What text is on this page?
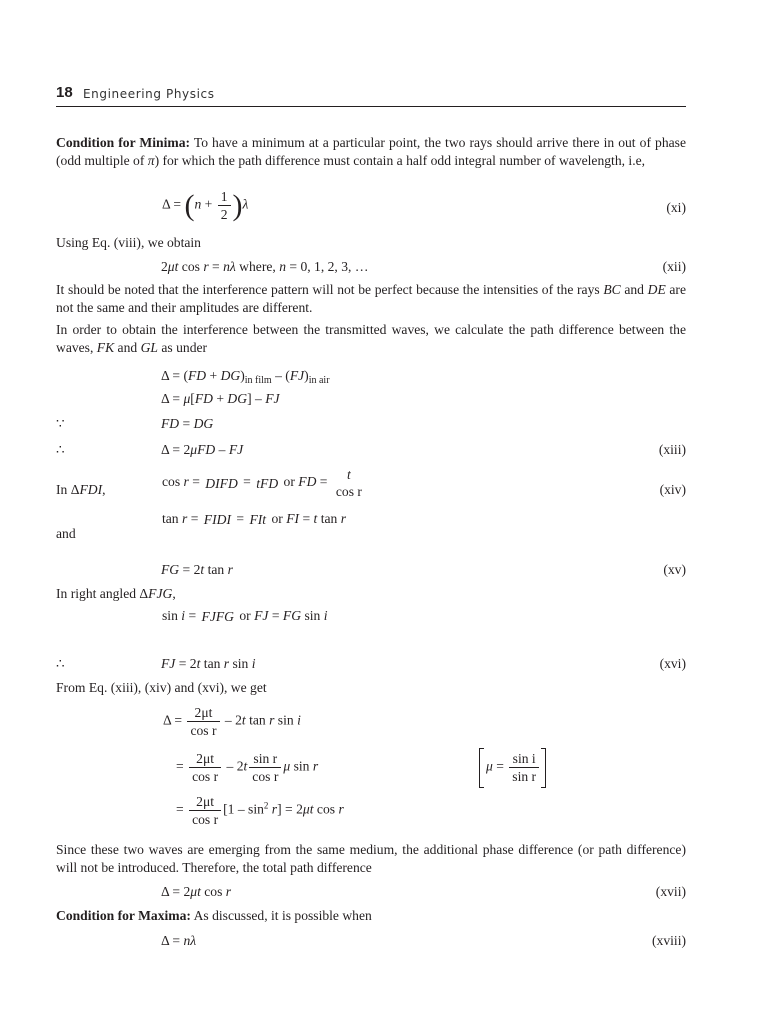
18 Engineering Physics
Condition for Minima: To have a minimum at a particular point, the two rays should arrive there in out of phase (odd multiple of π) for which the path difference must contain a half odd integral number of wavelength, i.e,
$\Delta = (n + \frac{1}{2} )\lambda$	(xi)
Using Eq. (viii), we obtain
2μt cos r = nλ where, n = 0, 1, 2, 3, …	(xii)
It should be noted that the interference pattern will not be perfect because the intensities of the rays BC and DE are not the same and their amplitudes are different.
In order to obtain the interference between the transmitted waves, we calculate the path difference between the waves, FK and GL as under
$\Delta = (FD + DG)_{in film} - (FJ)_{in air}$
Δ = μ[FD + DG] – FJ
∵	FD = DG
∴	Δ = 2μFD – FJ	(xiii)
In ΔFDI,
cos r = DIFD = tFD or FD = t
cos r	(xiv)
and
tan r = FIDI = FIt or FI = t tan r
FG = 2t tan r	(xv)
In right angled ΔFJG,
sin i = FJFG or FJ = FG sin i
∴	FJ = 2t tan r sin i	(xvi)
From Eq. (xiii), (xiv) and (xvi), we get
$\Delta = \frac{2\mu t}{\text{cos r}} - 2t$ tan r sin i
= $\frac{2\mu t}{\text{cos r}} - 2t \frac{\text{sin r}}{\text{cos r}}$ μ sin r	$\mu = \frac{\text{sin i}}{\text{sin r}}$
= $\frac{2\mu t}{\text{cos r}} [1 - \sin^2 r] = 2\mu t$ cos r
Since these two waves are emerging from the same medium, the additional phase difference (or path difference) will not be introduced. Therefore, the total path difference
Δ = 2μt cos r	(xvii)
Condition for Maxima: As discussed, it is possible when
Δ = nλ	(xviii)
